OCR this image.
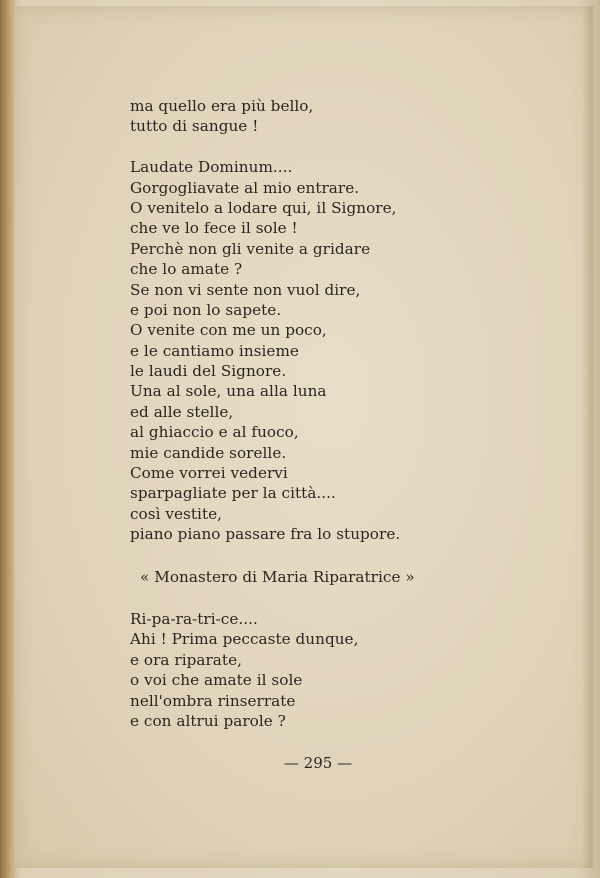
ma quello era più bello,
tutto di sangue !
Laudate Dominum....
Gorgogliavate al mio entrare.
O venitelo a lodare qui, il Signore,
che ve lo fece il sole !
Perchè non gli venite a gridare
che lo amate ?
Se non vi sente non vuol dire,
e poi non lo sapete.
O venite con me un poco,
e le cantiamo insieme
le laudi del Signore.
Una al sole, una alla luna
ed alle stelle,
al ghiaccio e al fuoco,
mie candide sorelle.
Come vorrei vedervi
sparpagliate per la città....
così vestite,
piano piano passare fra lo stupore.
« Monastero di Maria Riparatrice »
Ri-pa-ra-tri-ce....
Ahi ! Prima peccaste dunque,
e ora riparate,
o voi che amate il sole
nell'ombra rinserrate
e con altrui parole ?
— 295 —
